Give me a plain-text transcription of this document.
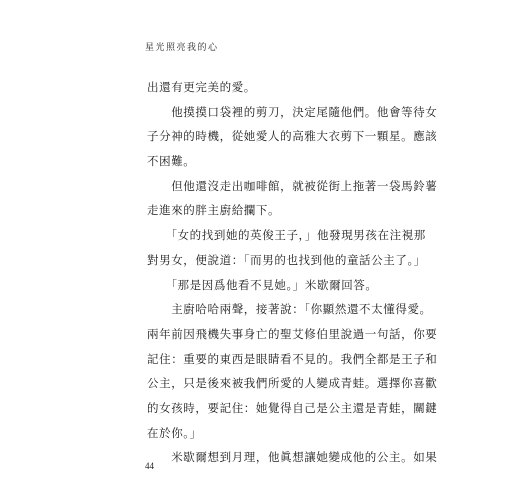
星光照亮我的心
出還有更完美的愛。
　　他摸摸口袋裡的剪刀，決定尾隨他們。他會等待女
子分神的時機，從她愛人的高雅大衣剪下一顆星。應該
不困難。
　　但他還沒走出咖啡館，就被從街上拖著一袋馬鈴薯
走進來的胖主廚給攔下。
　　「女的找到她的英俊王子，」他發現男孩在注視那
對男女，便說道：「而男的也找到他的童話公主了。」
　　「那是因爲他看不見她。」米歇爾回答。
　　主廚哈哈兩聲，接著說：「你顯然還不太懂得愛。
兩年前因飛機失事身亡的聖艾修伯里說過一句話，你要
記住：重要的東西是眼睛看不見的。我們全都是王子和
公主，只是後來被我們所愛的人變成青蛙。選擇你喜歡
的女孩時，要記住：她覺得自己是公主還是青蛙，關鍵
在於你。」
　　米歇爾想到月理，他眞想讓她變成他的公主。如果
44
